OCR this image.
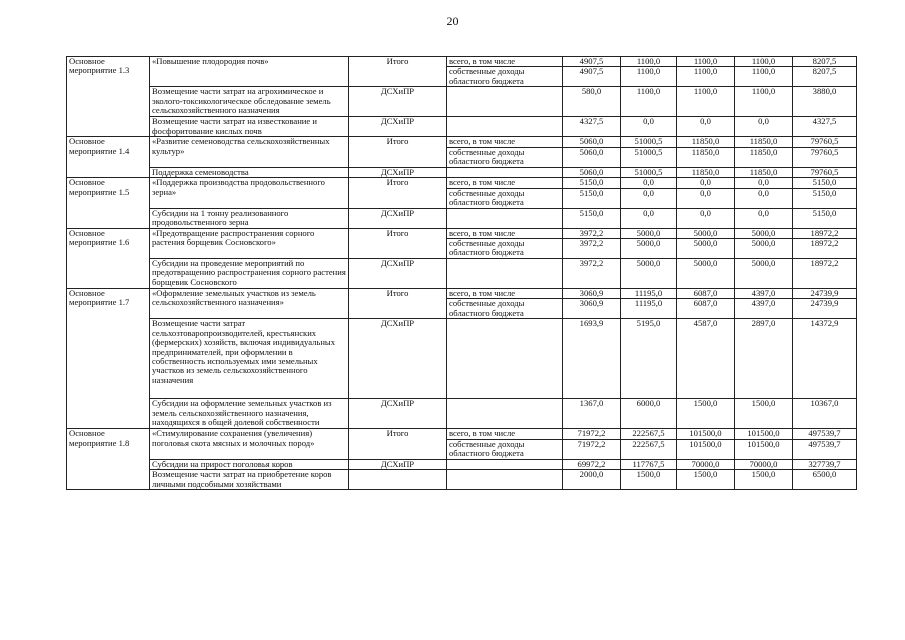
20
Основное мероприятие 1.3	«Повышение плодородия почв»	Итого	всего, в том числе	4907,5	1100,0	1100,0	1100,0	8207,5
			собственные доходы областного бюджета	4907,5	1100,0	1100,0	1100,0	8207,5
	Возмещение части затрат на агрохимическое и эколого-токсикологическое обследование земель сельскохозяйственного назначения	ДСХиПР		580,0	1100,0	1100,0	1100,0	3880,0
	Возмещение части затрат на известкование и фосфоритование кислых почв	ДСХиПР		4327,5	0,0	0,0	0,0	4327,5
Основное мероприятие 1.4	«Развитие семеноводства сельскохозяйственных культур»	Итого	всего, в том числе	5060,0	51000,5	11850,0	11850,0	79760,5
			собственные доходы областного бюджета	5060,0	51000,5	11850,0	11850,0	79760,5
	Поддержка семеноводства	ДСХиПР		5060,0	51000,5	11850,0	11850,0	79760,5
Основное мероприятие 1.5	«Поддержка производства продовольственного зерна»	Итого	всего, в том числе	5150,0	0,0	0,0	0,0	5150,0
			собственные доходы областного бюджета	5150,0	0,0	0,0	0,0	5150,0
	Субсидии на 1 тонну реализованного продовольственного зерна	ДСХиПР		5150,0	0,0	0,0	0,0	5150,0
Основное мероприятие 1.6	«Предотвращение распространения сорного растения борщевик Сосновского»	Итого	всего, в том числе	3972,2	5000,0	5000,0	5000,0	18972,2
			собственные доходы областного бюджета	3972,2	5000,0	5000,0	5000,0	18972,2
	Субсидии на проведение мероприятий по предотвращению распространения сорного растения борщевик Сосновского	ДСХиПР		3972,2	5000,0	5000,0	5000,0	18972,2
Основное мероприятие 1.7	«Оформление земельных участков из земель сельскохозяйственного назначения»	Итого	всего, в том числе	3060,9	11195,0	6087,0	4397,0	24739,9
			собственные доходы областного бюджета	3060,9	11195,0	6087,0	4397,0	24739,9
	Возмещение части затрат сельхозтоваропроизводителей, крестьянских (фермерских) хозяйств, включая индивидуальных предпринимателей, при оформлении в собственность используемых ими земельных участков из земель сельскохозяйственного назначения	ДСХиПР		1693,9	5195,0	4587,0	2897,0	14372,9
	Субсидии на оформление земельных участков из земель сельскохозяйственного назначения, находящихся в общей долевой собственности	ДСХиПР		1367,0	6000,0	1500,0	1500,0	10367,0
Основное мероприятие 1.8	«Стимулирование сохранения (увеличения) поголовья скота мясных и молочных пород»	Итого	всего, в том числе	71972,2	222567,5	101500,0	101500,0	497539,7
			собственные доходы областного бюджета	71972,2	222567,5	101500,0	101500,0	497539,7
	Субсидии на прирост поголовья коров	ДСХиПР		69972,2	117767,5	70000,0	70000,0	327739,7
	Возмещение части затрат на приобретение коров личными подсобными хозяйствами			2000,0	1500,0	1500,0	1500,0	6500,0
